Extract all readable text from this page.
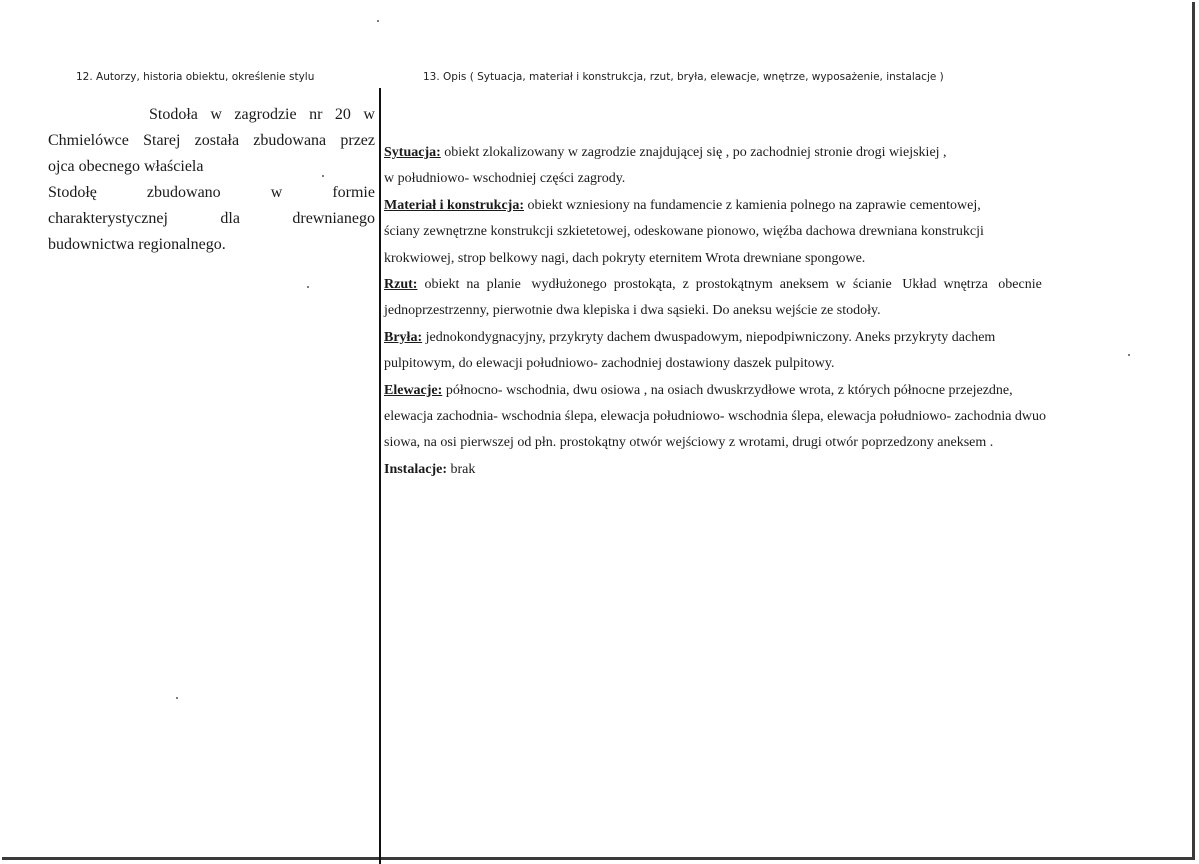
12. Autorzy, historia obiektu, określenie stylu	13. Opis ( Sytuacja, materiał i konstrukcja, rzut, bryła, elewacje, wnętrze, wyposażenie, instalacje )
Stodoła w zagrodzie nr 20 w
Chmielówce Starej została zbudowana przez
ojca obecnego właściela
Stodołę	zbudowano	w	formie
charakterystycznej	dla	drewnianego
budownictwa regionalnego.
Sytuacja: obiekt zlokalizowany w zagrodzie znajdującej się , po zachodniej stronie drogi wiejskiej ,
w południowo- wschodniej części zagrody.
Materiał i konstrukcja: obiekt wzniesiony na fundamencie z kamienia polnego na zaprawie cementowej,
ściany zewnętrzne konstrukcji szkietetowej, odeskowane pionowo, więźba dachowa drewniana konstrukcji
krokwiowej, strop belkowy nagi, dach pokryty eternitem Wrota drewniane spongowe.
Rzut:  obiekt  na  planie   wydłużonego  prostokąta,  z  prostokątnym  aneksem  w  ścianie   Układ  wnętrza   obecnie
jednoprzestrzenny, pierwotnie dwa klepiska i dwa sąsieki. Do aneksu wejście ze stodoły.
Bryła: jednokondygnacyjny, przykryty dachem dwuspadowym, niepodpiwniczony. Aneks przykryty dachem
pulpitowym, do elewacji południowo- zachodniej dostawiony daszek pulpitowy.
Elewacje: północno- wschodnia, dwu osiowa , na osiach dwuskrzydłowe wrota, z których północne przejezdne,
elewacja zachodnia- wschodnia ślepa, elewacja południowo- wschodnia ślepa, elewacja południowo- zachodnia dwuo
siowa, na osi pierwszej od płn. prostokątny otwór wejściowy z wrotami, drugi otwór poprzedzony aneksem .
Instalacje: brak
